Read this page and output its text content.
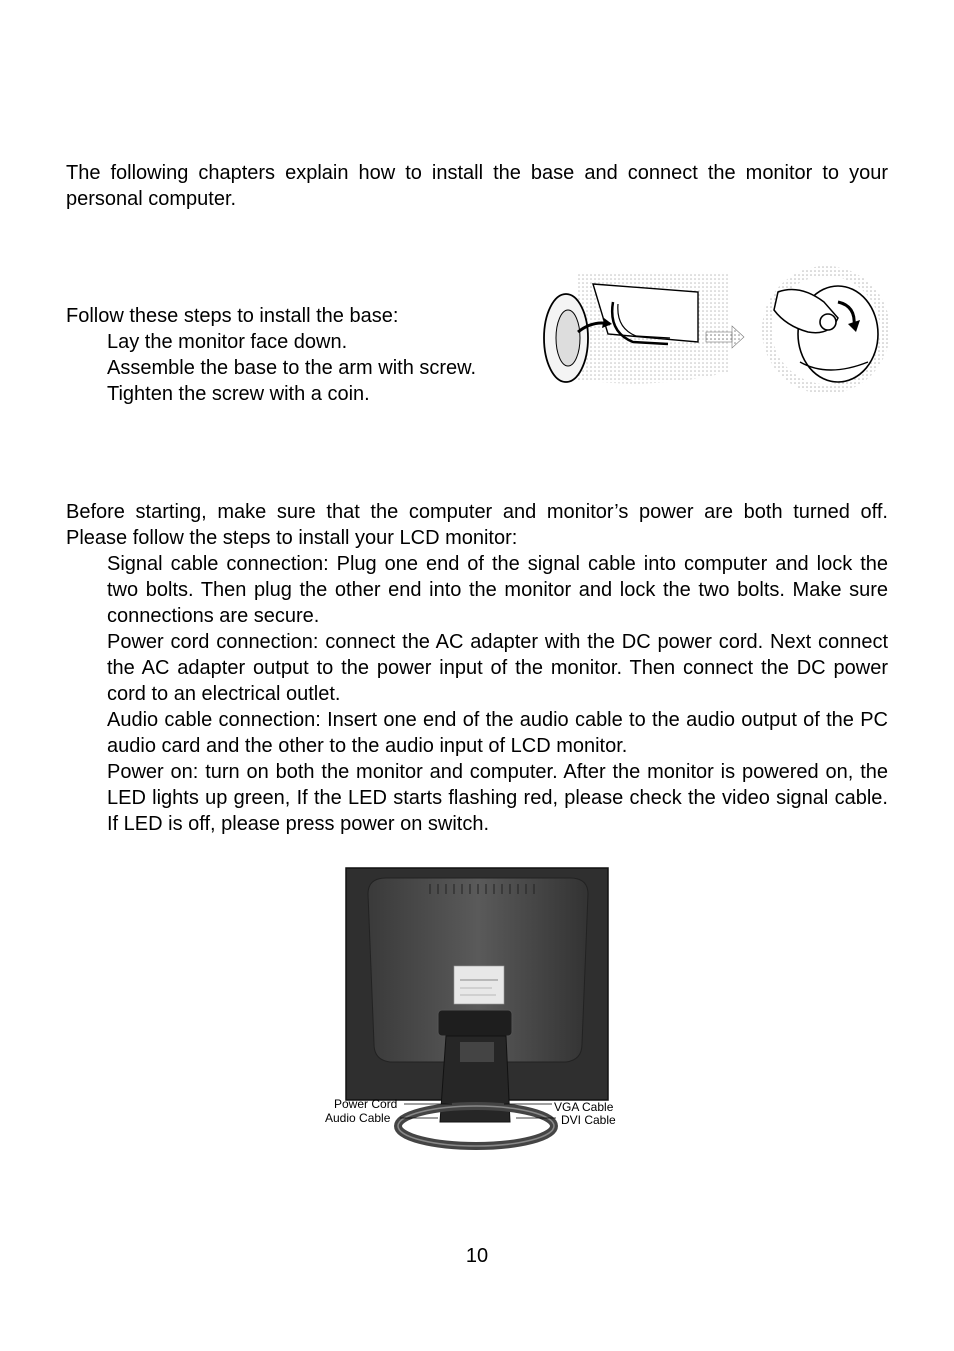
The following chapters explain how to install the base and connect the monitor to your personal computer.

Follow these steps to install the base:

Lay the monitor face down.

Assemble the base to the arm with screw.

Tighten the screw with a coin.

Before starting, make sure that the computer and monitor’s power are both turned off. Please follow the steps to install your LCD monitor:

Signal cable connection: Plug one end of the signal cable into computer and lock the two bolts. Then plug the other end into the monitor and lock the two bolts. Make sure connections are secure.

Power cord connection: connect the AC adapter with the DC power cord. Next connect the AC adapter output to the power input of the monitor. Then connect the DC power cord to an electrical outlet.

Audio cable connection: Insert one end of the audio cable to the audio output of the PC audio card and the other to the audio input of LCD monitor.

Power on: turn on both the monitor and computer. After the monitor is powered on, the LED lights up green, If the LED starts flashing red, please check the video signal cable. If LED is off, please press power on switch.

Power Cord
Audio Cable
VGA Cable
DVI Cable
10
